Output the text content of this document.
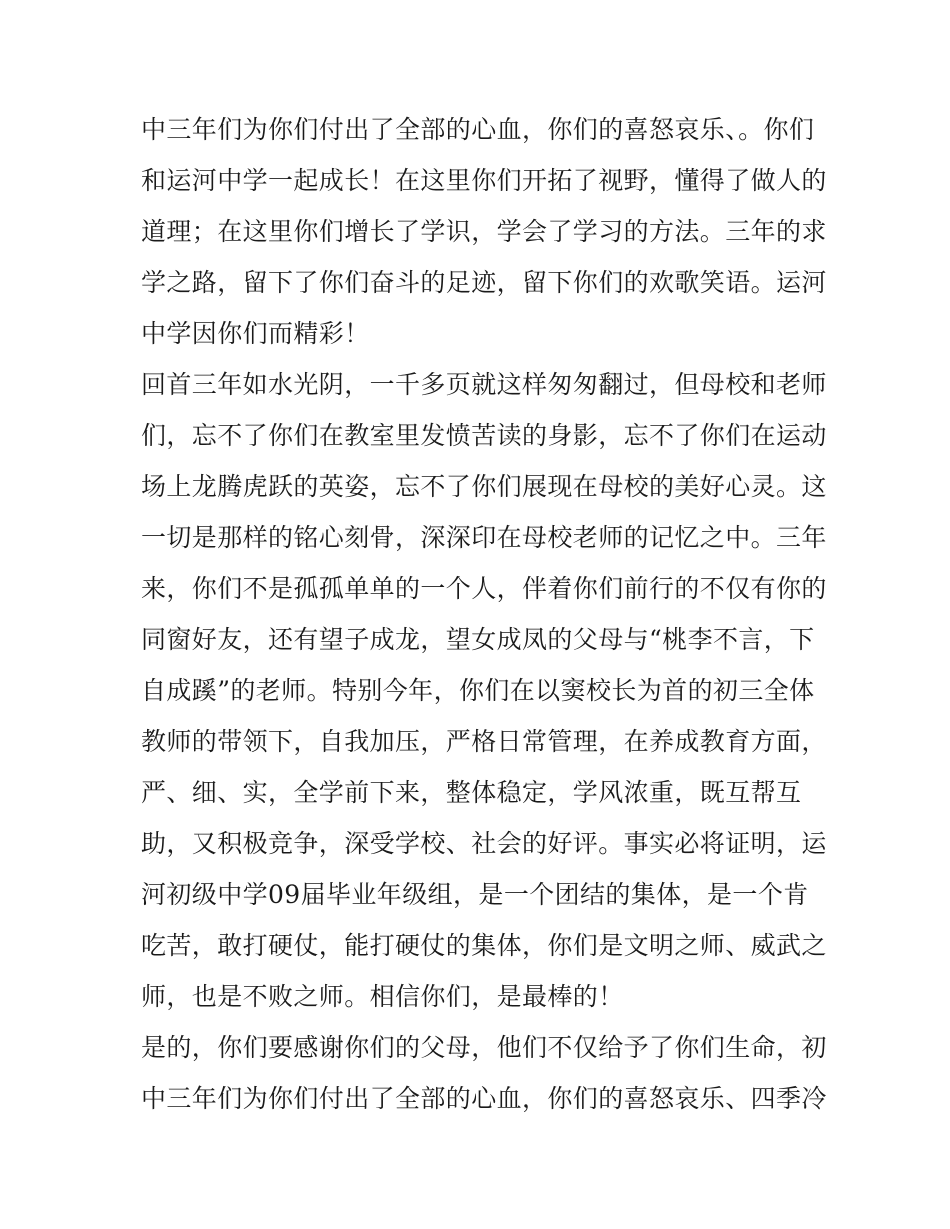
中三年们为你们付出了全部的心血，你们的喜怒哀乐、。你们
和运河中学一起成长！在这里你们开拓了视野，懂得了做人的
道理；在这里你们增长了学识，学会了学习的方法。三年的求
学之路，留下了你们奋斗的足迹，留下你们的欢歌笑语。运河
中学因你们而精彩！
回首三年如水光阴，一千多页就这样匆匆翻过，但母校和老师
们，忘不了你们在教室里发愤苦读的身影，忘不了你们在运动
场上龙腾虎跃的英姿，忘不了你们展现在母校的美好心灵。这
一切是那样的铭心刻骨，深深印在母校老师的记忆之中。三年
来，你们不是孤孤单单的一个人，伴着你们前行的不仅有你的
同窗好友，还有望子成龙，望女成凤的父母与“桃李不言，下
自成蹊”的老师。特别今年，你们在以窦校长为首的初三全体
教师的带领下，自我加压，严格日常管理，在养成教育方面，
严、细、实，全学前下来，整体稳定，学风浓重，既互帮互
助，又积极竞争，深受学校、社会的好评。事实必将证明，运
河初级中学09届毕业年级组，是一个团结的集体，是一个肯
吃苦，敢打硬仗，能打硬仗的集体，你们是文明之师、威武之
师，也是不败之师。相信你们，是最棒的！
是的，你们要感谢你们的父母，他们不仅给予了你们生命，初
中三年们为你们付出了全部的心血，你们的喜怒哀乐、四季冷
